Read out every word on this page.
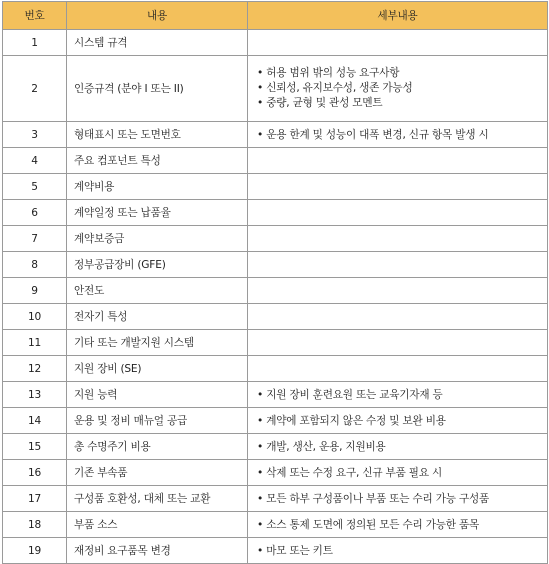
번호	내용	세부내용
1	시스템 규격	
2	인증규격 (분야 I 또는 II)	• 허용 범위 밖의 성능 요구사항
• 신뢰성, 유지보수성, 생존 가능성
• 중량, 균형 및 관성 모멘트

3	형태표시 또는 도면번호	• 운용 한계 및 성능이 대폭 변경, 신규 항목 발생 시

4	주요 컴포넌트 특성	
5	계약비용	
6	계약일정 또는 납품율	
7	계약보증금	
8	정부공급장비 (GFE)	
9	안전도	
10	전자기 특성	
11	기타 또는 개발지원 시스템	
12	지원 장비 (SE)	
13	지원 능력	• 지원 장비 훈련요원 또는 교육기자재 등

14	운용 및 정비 매뉴얼 공급	• 계약에 포함되지 않은 수정 및 보완 비용

15	총 수명주기 비용	• 개발, 생산, 운용, 지원비용

16	기존 부속품	• 삭제 또는 수정 요구, 신규 부품 필요 시

17	구성품 호환성, 대체 또는 교환	• 모든 하부 구성품이나 부품 또는 수리 가능 구성품

18	부품 소스	• 소스 통제 도면에 정의된 모든 수리 가능한 품목

19	재정비 요구품목 변경	• 마모 또는 키트
